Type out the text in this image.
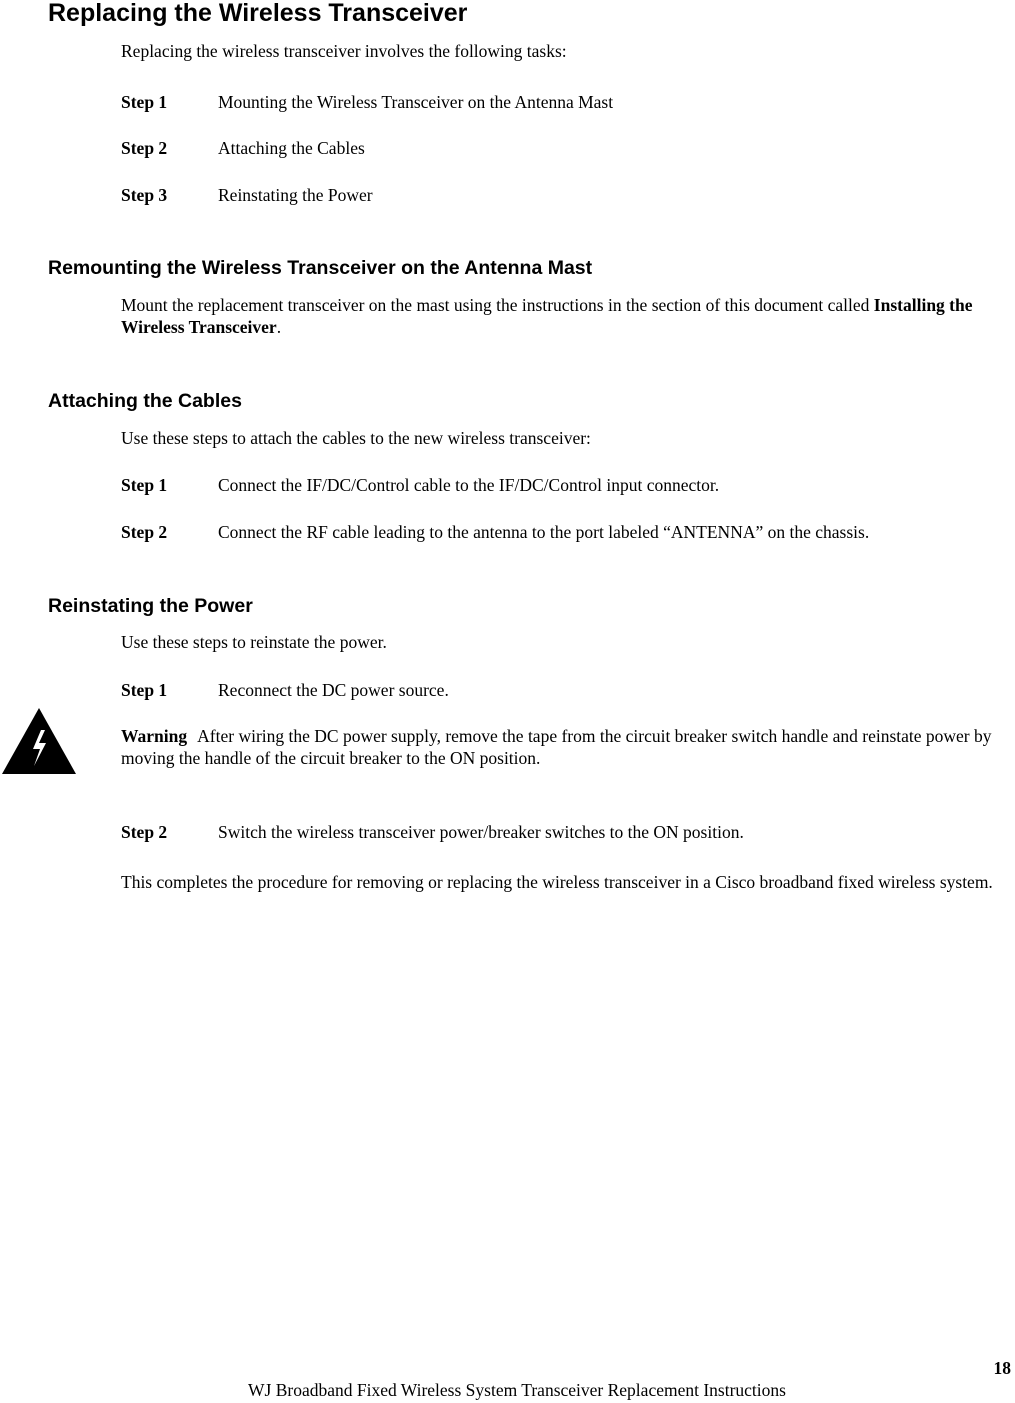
Replacing the Wireless Transceiver

Replacing the wireless transceiver involves the following tasks:

Step 1	Mounting the Wireless Transceiver on the Antenna Mast
Step 2	Attaching the Cables
Step 3	Reinstating the Power
Remounting the Wireless Transceiver on the Antenna Mast

Mount the replacement transceiver on the mast using the instructions in the section of this document called Installing the Wireless Transceiver.

Attaching the Cables

Use these steps to attach the cables to the new wireless transceiver:

Step 1	Connect the IF/DC/Control cable to the IF/DC/Control input connector.
Step 2	Connect the RF cable leading to the antenna to the port labeled “ANTENNA” on the chassis.
Reinstating the Power

Use these steps to reinstate the power.

Step 1	Reconnect the DC power source.

Warning After wiring the DC power supply, remove the tape from the circuit breaker switch handle and reinstate power by moving the handle of the circuit breaker to the ON position.

Step 2	Switch the wireless transceiver power/breaker switches to the ON position.

This completes the procedure for removing or replacing the wireless transceiver in a Cisco broadband fixed wireless system.

18

WJ Broadband Fixed Wireless System Transceiver Replacement Instructions
